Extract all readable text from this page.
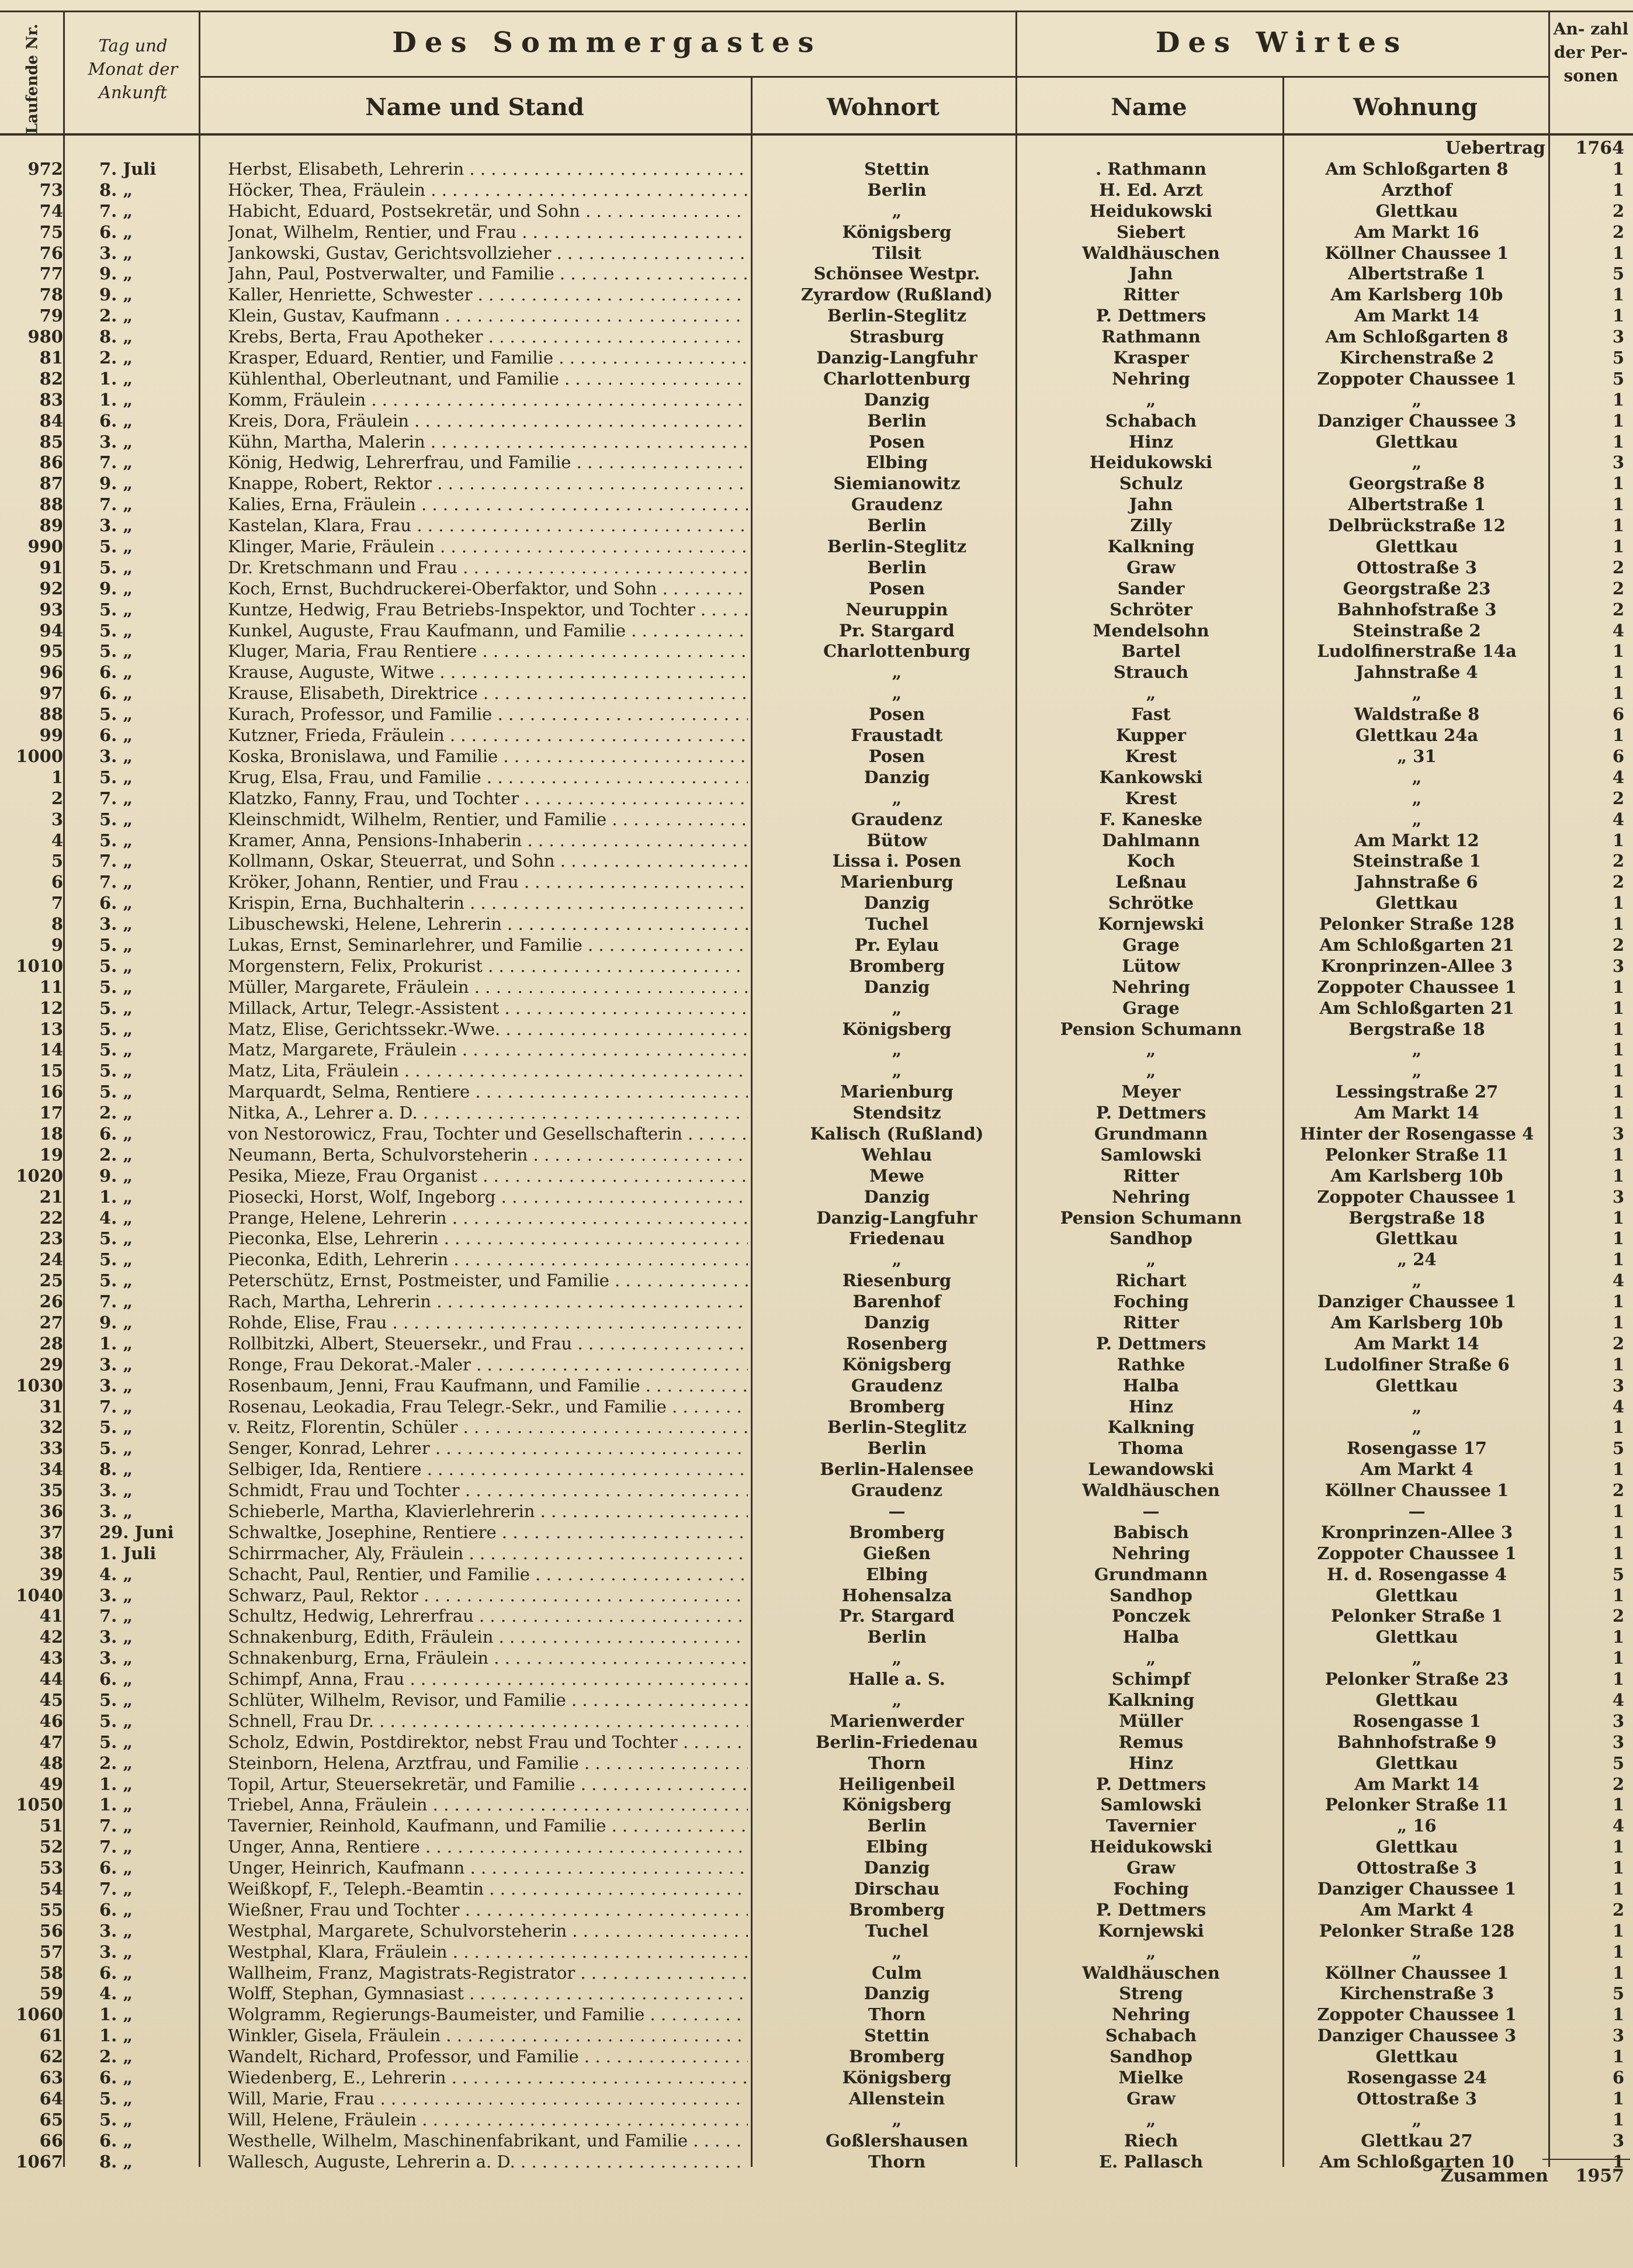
Laufende Nr.	Tag und Monat der Ankunft
Des Sommergastes
Name und Stand	Wohnort
Des Wirtes
Name	Wohnung
An- zahl der Per- sonen
Uebertrag	1764
972 7. Juli	Herbst, Elisabeth, Lehrerin . . .	Stettin	. Rathmann	Am Schloßgarten 8	1
73 8. „	Höcker, Thea, Fräulein . . .	Berlin	H. Ed. Arzt	Arzthof	1
74 7. „	Habicht, Eduard, Postsekretär, und Sohn . . .	„	Heidukowski	Glettkau	2
75 6. „	Jonat, Wilhelm, Rentier, und Frau . . .	Königsberg	Siebert	Am Markt 16	2
76 3. „	Jankowski, Gustav, Gerichtsvollzieher . . .	Tilsit	Waldhäuschen	Köllner Chaussee 1	1
77 9. „	Jahn, Paul, Postverwalter, und Familie . . .	Schönsee Westpr.	Jahn	Albertstraße 1	5
78 9. „	Kaller, Henriette, Schwester . . .	Zyrardow (Rußland)	Ritter	Am Karlsberg 10b	1
79 2. „	Klein, Gustav, Kaufmann . . .	Berlin-Steglitz	P. Dettmers	Am Markt 14	1
980 8. „	Krebs, Berta, Frau Apotheker . . .	Strasburg	Rathmann	Am Schloßgarten 8	3
81 2. „	Krasper, Eduard, Rentier, und Familie . . .	Danzig-Langfuhr	Krasper	Kirchenstraße 2	5
82 1. „	Kühlenthal, Oberleutnant, und Familie . . .	Charlottenburg	Nehring	Zoppoter Chaussee 1	5
83 1. „	Komm, Fräulein . . .	Danzig	„	„	1
84 6. „	Kreis, Dora, Fräulein . . .	Berlin	Schabach	Danziger Chaussee 3	1
85 3. „	Kühn, Martha, Malerin . . .	Posen	Hinz	Glettkau	1
86 7. „	König, Hedwig, Lehrerfrau, und Familie . . .	Elbing	Heidukowski	„	3
87 9. „	Knappe, Robert, Rektor . . .	Siemianowitz	Schulz	Georgstraße 8	1
88 7. „	Kalies, Erna, Fräulein . . .	Graudenz	Jahn	Albertstraße 1	1
89 3. „	Kastelan, Klara, Frau . . .	Berlin	Zilly	Delbrückstraße 12	1
990 5. „	Klinger, Marie, Fräulein . . .	Berlin-Steglitz	Kalkning	Glettkau	1
91 5. „	Dr. Kretschmann und Frau . . .	Berlin	Graw	Ottostraße 3	2
92 9. „	Koch, Ernst, Buchdruckerei-Oberfaktor, und Sohn . . .	Posen	Sander	Georgstraße 23	2
93 5. „	Kuntze, Hedwig, Frau Betriebs-Inspektor, und Tochter . . .	Neuruppin	Schröter	Bahnhofstraße 3	2
94 5. „	Kunkel, Auguste, Frau Kaufmann, und Familie . . .	Pr. Stargard	Mendelsohn	Steinstraße 2	4
95 5. „	Kluger, Maria, Frau Rentiere . . .	Charlottenburg	Bartel	Ludolfinerstraße 14a	1
96 6. „	Krause, Auguste, Witwe . . .	„	Strauch	Jahnstraße 4	1
97 6. „	Krause, Elisabeth, Direktrice . . .	„	„	„	1
88 5. „	Kurach, Professor, und Familie . . .	Posen	Fast	Waldstraße 8	6
99 6. „	Kutzner, Frieda, Fräulein . . .	Fraustadt	Kupper	Glettkau 24a	1
1000 3. „	Koska, Bronislawa, und Familie . . .	Posen	Krest	„ 31	6
1 5. „	Krug, Elsa, Frau, und Familie . . .	Danzig	Kankowski	„	4
2 7. „	Klatzko, Fanny, Frau, und Tochter . . .	„	Krest	„	2
3 5. „	Kleinschmidt, Wilhelm, Rentier, und Familie . . .	Graudenz	F. Kaneske	„	4
4 5. „	Kramer, Anna, Pensions-Inhaberin . . .	Bütow	Dahlmann	Am Markt 12	1
5 7. „	Kollmann, Oskar, Steuerrat, und Sohn . . .	Lissa i. Posen	Koch	Steinstraße 1	2
6 7. „	Kröker, Johann, Rentier, und Frau . . .	Marienburg	Leßnau	Jahnstraße 6	2
7 6. „	Krispin, Erna, Buchhalterin . . .	Danzig	Schrötke	Glettkau	1
8 3. „	Libuschewski, Helene, Lehrerin . . .	Tuchel	Kornjewski	Pelonker Straße 128	1
9 5. „	Lukas, Ernst, Seminarlehrer, und Familie . . .	Pr. Eylau	Grage	Am Schloßgarten 21	2
1010 5. „	Morgenstern, Felix, Prokurist . . .	Bromberg	Lütow	Kronprinzen-Allee 3	3
11 5. „	Müller, Margarete, Fräulein . . .	Danzig	Nehring	Zoppoter Chaussee 1	1
12 5. „	Millack, Artur, Telegr.-Assistent . . .	„	Grage	Am Schloßgarten 21	1
13 5. „	Matz, Elise, Gerichtssekr.-Wwe. . . .	Königsberg	Pension Schumann	Bergstraße 18	1
14 5. „	Matz, Margarete, Fräulein . . .	„	„	„	1
15 5. „	Matz, Lita, Fräulein . . .	„	„	„	1
16 5. „	Marquardt, Selma, Rentiere . . .	Marienburg	Meyer	Lessingstraße 27	1
17 2. „	Nitka, A., Lehrer a. D. . . .	Stendsitz	P. Dettmers	Am Markt 14	1
18 6. „	von Nestorowicz, Frau, Tochter und Gesellschafterin . . .	Kalisch (Rußland)	Grundmann	Hinter der Rosengasse 4	3
19 2. „	Neumann, Berta, Schulvorsteherin . . .	Wehlau	Samlowski	Pelonker Straße 11	1
1020 9. „	Pesika, Mieze, Frau Organist . . .	Mewe	Ritter	Am Karlsberg 10b	1
21 1. „	Piosecki, Horst, Wolf, Ingeborg . . .	Danzig	Nehring	Zoppoter Chaussee 1	3
22 4. „	Prange, Helene, Lehrerin . . .	Danzig-Langfuhr	Pension Schumann	Bergstraße 18	1
23 5. „	Pieconka, Else, Lehrerin . . .	Friedenau	Sandhop	Glettkau	1
24 5. „	Pieconka, Edith, Lehrerin . . .	„	„	„ 24	1
25 5. „	Peterschütz, Ernst, Postmeister, und Familie . . .	Riesenburg	Richart	„	4
26 7. „	Rach, Martha, Lehrerin . . .	Barenhof	Foching	Danziger Chaussee 1	1
27 9. „	Rohde, Elise, Frau . . .	Danzig	Ritter	Am Karlsberg 10b	1
28 1. „	Rollbitzki, Albert, Steuersekr., und Frau . . .	Rosenberg	P. Dettmers	Am Markt 14	2
29 3. „	Ronge, Frau Dekorat.-Maler . . .	Königsberg	Rathke	Ludolfiner Straße 6	1
1030 3. „	Rosenbaum, Jenni, Frau Kaufmann, und Familie . . .	Graudenz	Halba	Glettkau	3
31 7. „	Rosenau, Leokadia, Frau Telegr.-Sekr., und Familie . . .	Bromberg	Hinz	„	4
32 5. „	v. Reitz, Florentin, Schüler . . .	Berlin-Steglitz	Kalkning	„	1
33 5. „	Senger, Konrad, Lehrer . . .	Berlin	Thoma	Rosengasse 17	5
34 8. „	Selbiger, Ida, Rentiere . . .	Berlin-Halensee	Lewandowski	Am Markt 4	1
35 3. „	Schmidt, Frau und Tochter . . .	Graudenz	Waldhäuschen	Köllner Chaussee 1	2
36 3. „	Schieberle, Martha, Klavierlehrerin . . .	—	—	—	1
37 29. Juni	Schwaltke, Josephine, Rentiere . . .	Bromberg	Babisch	Kronprinzen-Allee 3	1
38 1. Juli	Schirrmacher, Aly, Fräulein . . .	Gießen	Nehring	Zoppoter Chaussee 1	1
39 4. „	Schacht, Paul, Rentier, und Familie . . .	Elbing	Grundmann	H. d. Rosengasse 4	5
1040 3. „	Schwarz, Paul, Rektor . . .	Hohensalza	Sandhop	Glettkau	1
41 7. „	Schultz, Hedwig, Lehrerfrau . . .	Pr. Stargard	Ponczek	Pelonker Straße 1	2
42 3. „	Schnakenburg, Edith, Fräulein . . .	Berlin	Halba	Glettkau	1
43 3. „	Schnakenburg, Erna, Fräulein . . .	„	„	„	1
44 6. „	Schimpf, Anna, Frau . . .	Halle a. S.	Schimpf	Pelonker Straße 23	1
45 5. „	Schlüter, Wilhelm, Revisor, und Familie . . .	„	Kalkning	Glettkau	4
46 5. „	Schnell, Frau Dr. . . .	Marienwerder	Müller	Rosengasse 1	3
47 5. „	Scholz, Edwin, Postdirektor, nebst Frau und Tochter . . .	Berlin-Friedenau	Remus	Bahnhofstraße 9	3
48 2. „	Steinborn, Helena, Arztfrau, und Familie . . .	Thorn	Hinz	Glettkau	5
49 1. „	Topil, Artur, Steuersekretär, und Familie . . .	Heiligenbeil	P. Dettmers	Am Markt 14	2
1050 1. „	Triebel, Anna, Fräulein . . .	Königsberg	Samlowski	Pelonker Straße 11	1
51 7. „	Tavernier, Reinhold, Kaufmann, und Familie . . .	Berlin	Tavernier	„ 16	4
52 7. „	Unger, Anna, Rentiere . . .	Elbing	Heidukowski	Glettkau	1
53 6. „	Unger, Heinrich, Kaufmann . . .	Danzig	Graw	Ottostraße 3	1
54 7. „	Weißkopf, F., Teleph.-Beamtin . . .	Dirschau	Foching	Danziger Chaussee 1	1
55 6. „	Wießner, Frau und Tochter . . .	Bromberg	P. Dettmers	Am Markt 4	2
56 3. „	Westphal, Margarete, Schulvorsteherin . . .	Tuchel	Kornjewski	Pelonker Straße 128	1
57 3. „	Westphal, Klara, Fräulein . . .	„	„	„	1
58 6. „	Wallheim, Franz, Magistrats-Registrator . . .	Culm	Waldhäuschen	Köllner Chaussee 1	1
59 4. „	Wolff, Stephan, Gymnasiast . . .	Danzig	Streng	Kirchenstraße 3	5
1060 1. „	Wolgramm, Regierungs-Baumeister, und Familie . . .	Thorn	Nehring	Zoppoter Chaussee 1	1
61 1. „	Winkler, Gisela, Fräulein . . .	Stettin	Schabach	Danziger Chaussee 3	3
62 2. „	Wandelt, Richard, Professor, und Familie . . .	Bromberg	Sandhop	Glettkau	1
63 6. „	Wiedenberg, E., Lehrerin . . .	Königsberg	Mielke	Rosengasse 24	6
64 5. „	Will, Marie, Frau . . .	Allenstein	Graw	Ottostraße 3	1
65 5. „	Will, Helene, Fräulein . . .	„	„	„	1
66 6. „	Westhelle, Wilhelm, Maschinenfabrikant, und Familie . . .	Goßlershausen	Riech	Glettkau 27	3
1067 8. „	Wallesch, Auguste, Lehrerin a. D. . . .	Thorn	E. Pallasch	Am Schloßgarten 10	1
Zusammen	1957
